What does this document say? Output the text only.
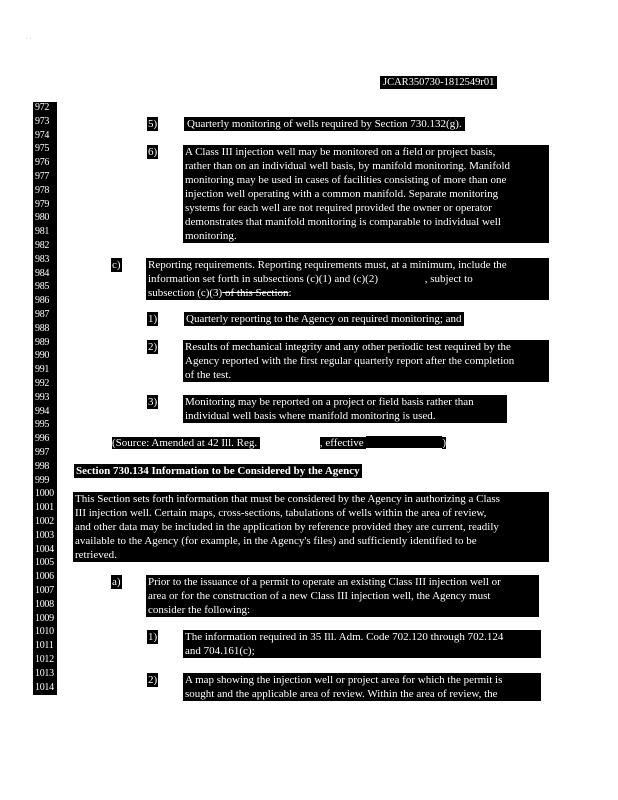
· ·
JCAR350730-1812549r01
972
973
974
975
976
977
978
979
980
981
982
983
984
985
986
987
988
989
990
991
992
993
994
995
996
997
998
999
1000
1001
1002
1003
1004
1005
1006
1007
1008
1009
1010
1011
1012
1013
1014
5)	Quarterly monitoring of wells required by Section 730.132(g).

6)	A Class III injection well may be monitored on a field or project basis,

rather than on an individual well basis, by manifold monitoring. Manifold

monitoring may be used in cases of facilities consisting of more than one

injection well operating with a common manifold. Separate monitoring

systems for each well are not required provided the owner or operator

demonstrates that manifold monitoring is comparable to individual well

monitoring.

c) Reporting requirements. Reporting requirements must, at a minimum, include the

information set forth in subsections (c)(1) and (c)(2)	, subject to

subsection (c)(3) of this Section:

1)	Quarterly reporting to the Agency on required monitoring; and

2)	Results of mechanical integrity and any other periodic test required by the

Agency reported with the first regular quarterly report after the completion

of the test.

3)	Monitoring may be reported on a project or field basis rather than

individual well basis where manifold monitoring is used.

(Source: Amended at 42 Ill. Reg.	, effective	)

Section 730.134 Information to be Considered by the Agency

This Section sets forth information that must be considered by the Agency in authorizing a Class

III injection well. Certain maps, cross-sections, tabulations of wells within the area of review,

and other data may be included in the application by reference provided they are current, readily

available to the Agency (for example, in the Agency's files) and sufficiently identified to be

retrieved.

a) Prior to the issuance of a permit to operate an existing Class III injection well or

area or for the construction of a new Class III injection well, the Agency must

consider the following:

1)	The information required in 35 Ill. Adm. Code 702.120 through 702.124

and 704.161(c);

2)	A map showing the injection well or project area for which the permit is

sought and the applicable area of review. Within the area of review, the
